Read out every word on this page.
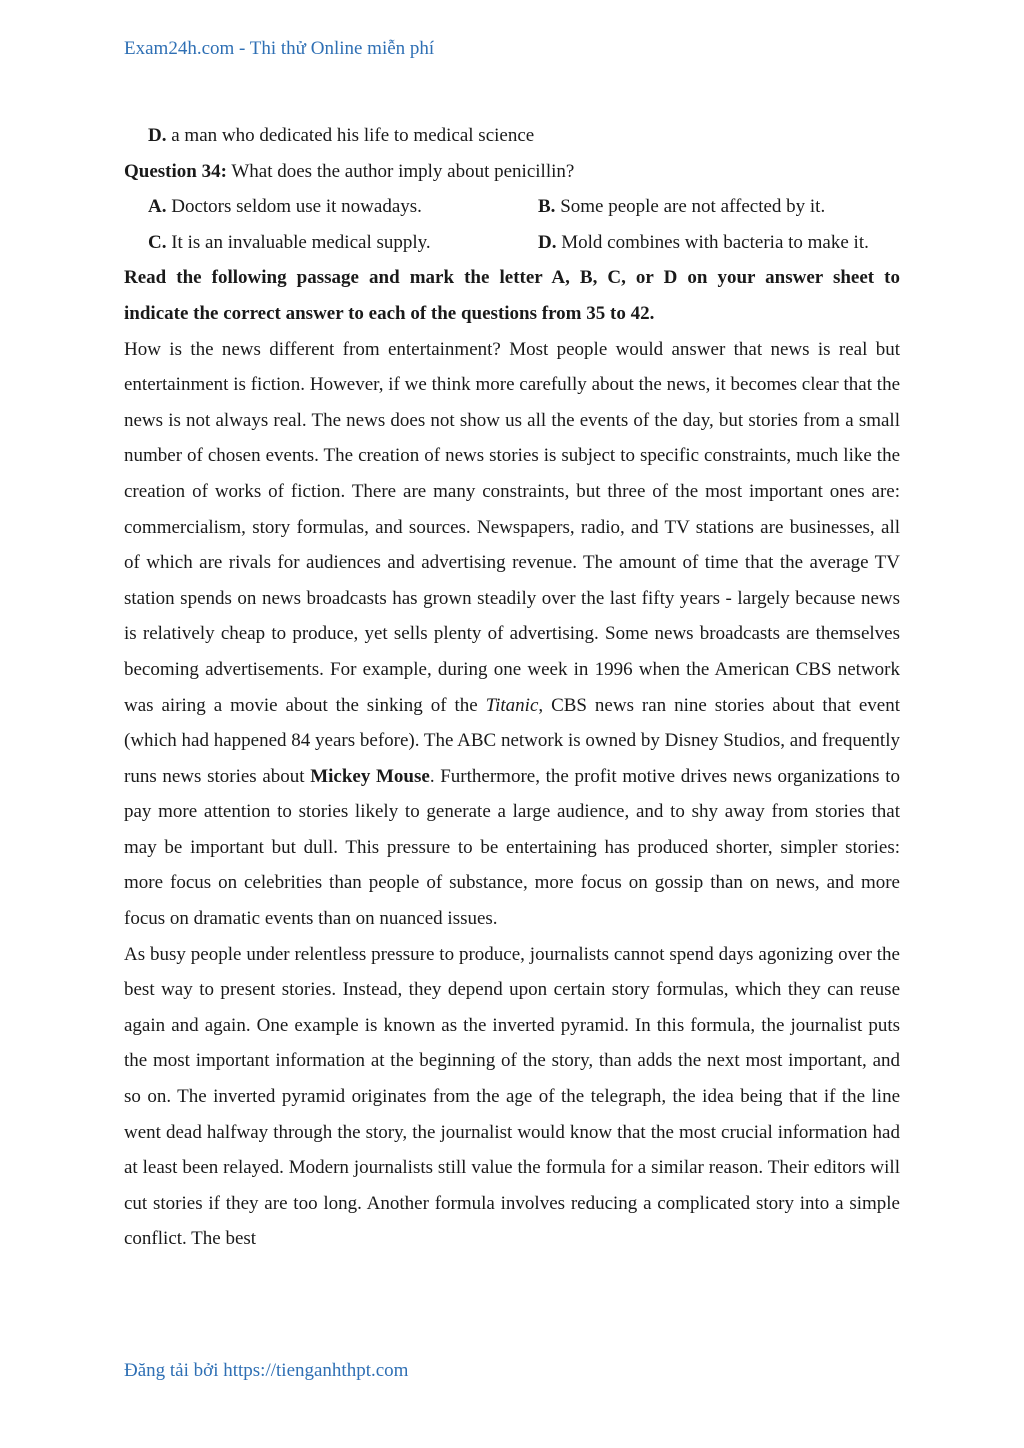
Exam24h.com - Thi thử Online miễn phí
D. a man who dedicated his life to medical science
Question 34: What does the author imply about penicillin?
A. Doctors seldom use it nowadays.	B. Some people are not affected by it.
C. It is an invaluable medical supply.	D. Mold combines with bacteria to make it.
Read the following passage and mark the letter A, B, C, or D on your answer sheet to
indicate the correct answer to each of the questions from 35 to 42.

How is the news different from entertainment? Most people would answer that news is real but entertainment is fiction. However, if we think more carefully about the news, it becomes clear that the news is not always real. The news does not show us all the events of the day, but stories from a small number of chosen events. The creation of news stories is subject to specific constraints, much like the creation of works of fiction. There are many constraints, but three of the most important ones are: commercialism, story formulas, and sources. Newspapers, radio, and TV stations are businesses, all of which are rivals for audiences and advertising revenue. The amount of time that the average TV station spends on news broadcasts has grown steadily over the last fifty years - largely because news is relatively cheap to produce, yet sells plenty of advertising. Some news broadcasts are themselves becoming advertisements. For example, during one week in 1996 when the American CBS network was airing a movie about the sinking of the Titanic, CBS news ran nine stories about that event (which had happened 84 years before). The ABC network is owned by Disney Studios, and frequently runs news stories about Mickey Mouse. Furthermore, the profit motive drives news organizations to pay more attention to stories likely to generate a large audience, and to shy away from stories that may be important but dull. This pressure to be entertaining has produced shorter, simpler stories: more focus on celebrities than people of substance, more focus on gossip than on news, and more focus on dramatic events than on nuanced issues.

As busy people under relentless pressure to produce, journalists cannot spend days agonizing over the best way to present stories. Instead, they depend upon certain story formulas, which they can reuse again and again. One example is known as the inverted pyramid. In this formula, the journalist puts the most important information at the beginning of the story, than adds the next most important, and so on. The inverted pyramid originates from the age of the telegraph, the idea being that if the line went dead halfway through the story, the journalist would know that the most crucial information had at least been relayed. Modern journalists still value the formula for a similar reason. Their editors will cut stories if they are too long. Another formula involves reducing a complicated story into a simple conflict. The best

Đăng tải bởi https://tienganhthpt.com
